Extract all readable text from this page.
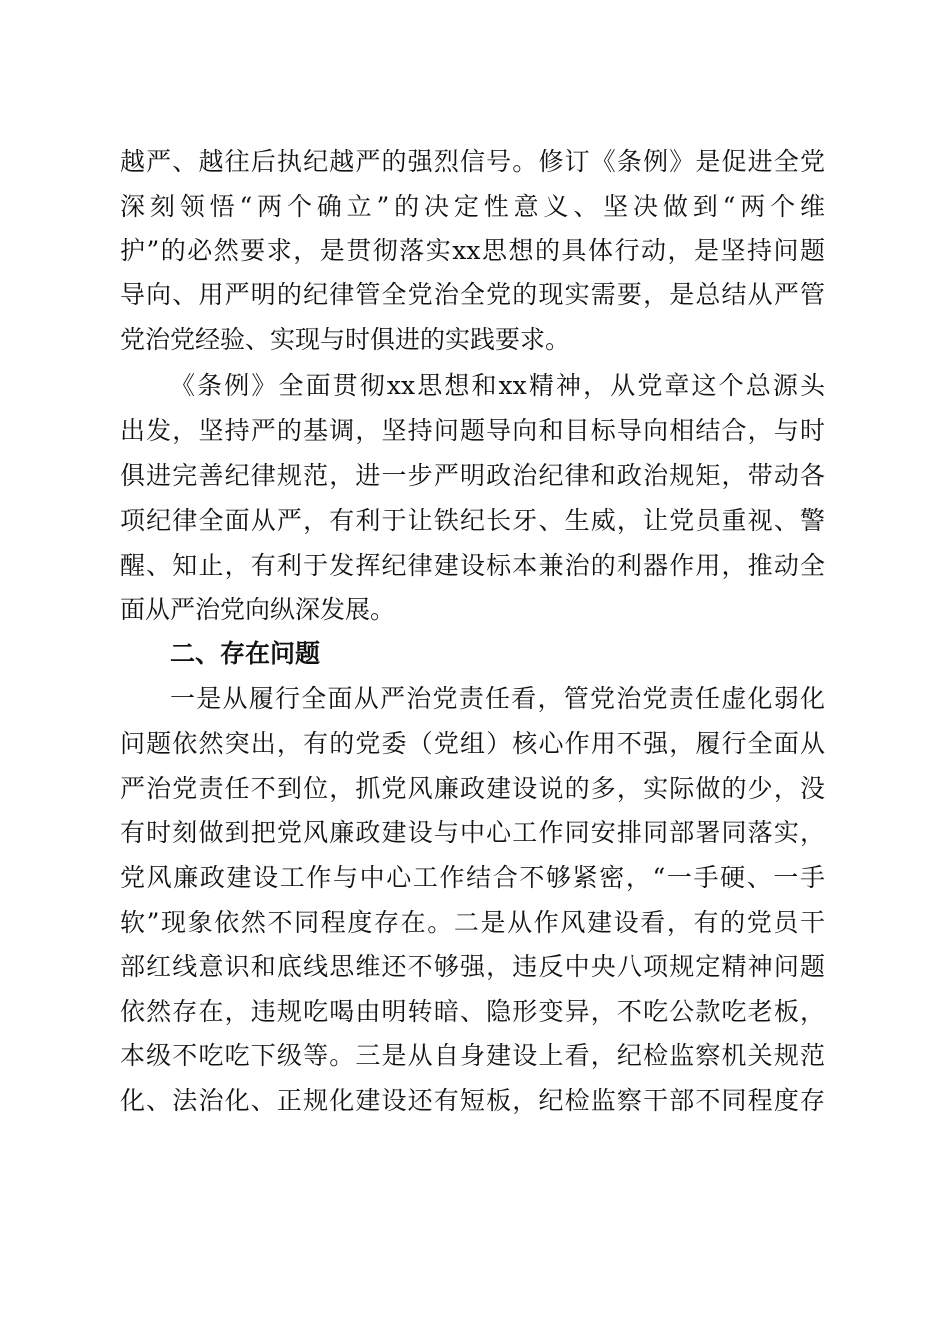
越严、越往后执纪越严的强烈信号。修订《条例》是促进全党
深刻领悟“两个确立”的决定性意义、坚决做到“两个维
护”的必然要求，是贯彻落实xx思想的具体行动，是坚持问题
导向、用严明的纪律管全党治全党的现实需要，是总结从严管
党治党经验、实现与时俱进的实践要求。
《条例》全面贯彻xx思想和xx精神，从党章这个总源头
出发，坚持严的基调，坚持问题导向和目标导向相结合，与时
俱进完善纪律规范，进一步严明政治纪律和政治规矩，带动各
项纪律全面从严，有利于让铁纪长牙、生威，让党员重视、警
醒、知止，有利于发挥纪律建设标本兼治的利器作用，推动全
面从严治党向纵深发展。
二、存在问题
一是从履行全面从严治党责任看，管党治党责任虚化弱化
问题依然突出，有的党委（党组）核心作用不强，履行全面从
严治党责任不到位，抓党风廉政建设说的多，实际做的少，没
有时刻做到把党风廉政建设与中心工作同安排同部署同落实，
党风廉政建设工作与中心工作结合不够紧密，“一手硬、一手
软”现象依然不同程度存在。二是从作风建设看，有的党员干
部红线意识和底线思维还不够强，违反中央八项规定精神问题
依然存在，违规吃喝由明转暗、隐形变异，不吃公款吃老板，
本级不吃吃下级等。三是从自身建设上看，纪检监察机关规范
化、法治化、正规化建设还有短板，纪检监察干部不同程度存
